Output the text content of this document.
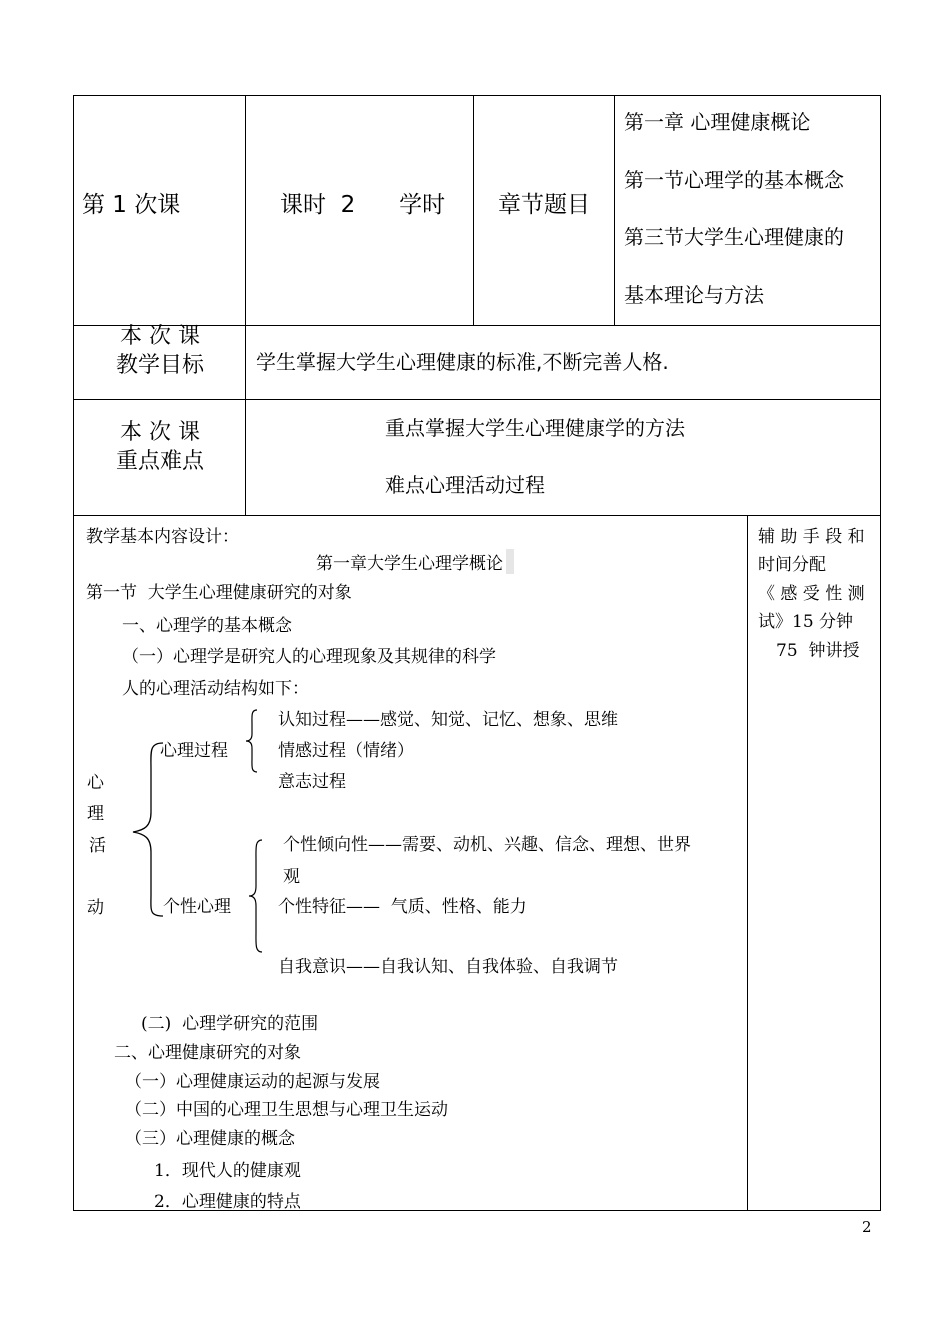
第 1 次课	课时  2      学时 章节题目
第一章 心理健康概论
第一节心理学的基本概念
第三节大学生心理健康的
基本理论与方法
本 次 课
教学目标	学生掌握大学生心理健康的标准,不断完善人格.
本 次 课
重点难点
重点掌握大学生心理健康学的方法
难点心理活动过程
教学基本内容设计：
第一章大学生心理学概论
第一节  大学生心理健康研究的对象
一、心理学的基本概念
（一）心理学是研究人的心理现象及其规律的科学
人的心理活动结构如下：
心
理
活
动
心理过程
认知过程——感觉、知觉、记忆、想象、思维
情感过程（情绪）
意志过程
个性心理
个性倾向性——需要、动机、兴趣、信念、理想、世界
观
个性特征——  气质、性格、能力
自我意识——自我认知、自我体验、自我调节
(二)  心理学研究的范围
二、心理健康研究的对象
（一）心理健康运动的起源与发展
（二）中国的心理卫生思想与心理卫生运动
（三）心理健康的概念
1．现代人的健康观
2．心理健康的特点
辅 助 手 段 和
时间分配
《 感 受 性 测
试》15 分钟
75  钟讲授
2
